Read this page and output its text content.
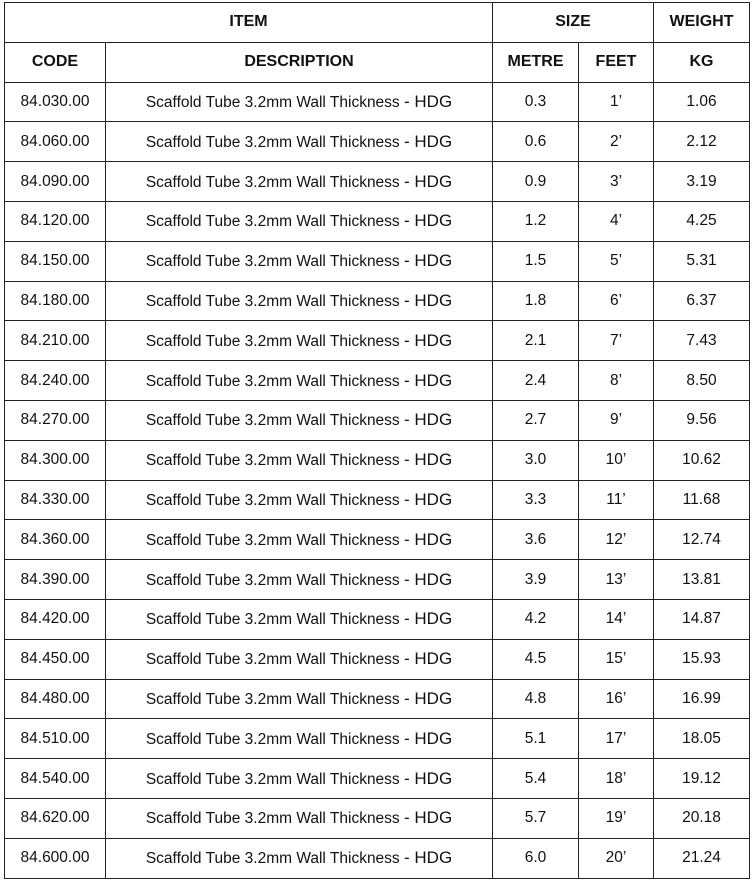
ITEM		SIZE		WEIGHT
CODE	DESCRIPTION	METRE	FEET	KG
84.030.00	Scaffold Tube 3.2mm Wall Thickness - HDG	0.3	1’	1.06
84.060.00	Scaffold Tube 3.2mm Wall Thickness - HDG	0.6	2’	2.12
84.090.00	Scaffold Tube 3.2mm Wall Thickness - HDG	0.9	3’	3.19
84.120.00	Scaffold Tube 3.2mm Wall Thickness - HDG	1.2	4’	4.25
84.150.00	Scaffold Tube 3.2mm Wall Thickness - HDG	1.5	5’	5.31
84.180.00	Scaffold Tube 3.2mm Wall Thickness - HDG	1.8	6’	6.37
84.210.00	Scaffold Tube 3.2mm Wall Thickness - HDG	2.1	7’	7.43
84.240.00	Scaffold Tube 3.2mm Wall Thickness - HDG	2.4	8’	8.50
84.270.00	Scaffold Tube 3.2mm Wall Thickness - HDG	2.7	9’	9.56
84.300.00	Scaffold Tube 3.2mm Wall Thickness - HDG	3.0	10’	10.62
84.330.00	Scaffold Tube 3.2mm Wall Thickness - HDG	3.3	11’	11.68
84.360.00	Scaffold Tube 3.2mm Wall Thickness - HDG	3.6	12’	12.74
84.390.00	Scaffold Tube 3.2mm Wall Thickness - HDG	3.9	13’	13.81
84.420.00	Scaffold Tube 3.2mm Wall Thickness - HDG	4.2	14’	14.87
84.450.00	Scaffold Tube 3.2mm Wall Thickness - HDG	4.5	15’	15.93
84.480.00	Scaffold Tube 3.2mm Wall Thickness - HDG	4.8	16’	16.99
84.510.00	Scaffold Tube 3.2mm Wall Thickness - HDG	5.1	17’	18.05
84.540.00	Scaffold Tube 3.2mm Wall Thickness - HDG	5.4	18’	19.12
84.620.00	Scaffold Tube 3.2mm Wall Thickness - HDG	5.7	19’	20.18
84.600.00	Scaffold Tube 3.2mm Wall Thickness - HDG	6.0	20’	21.24
